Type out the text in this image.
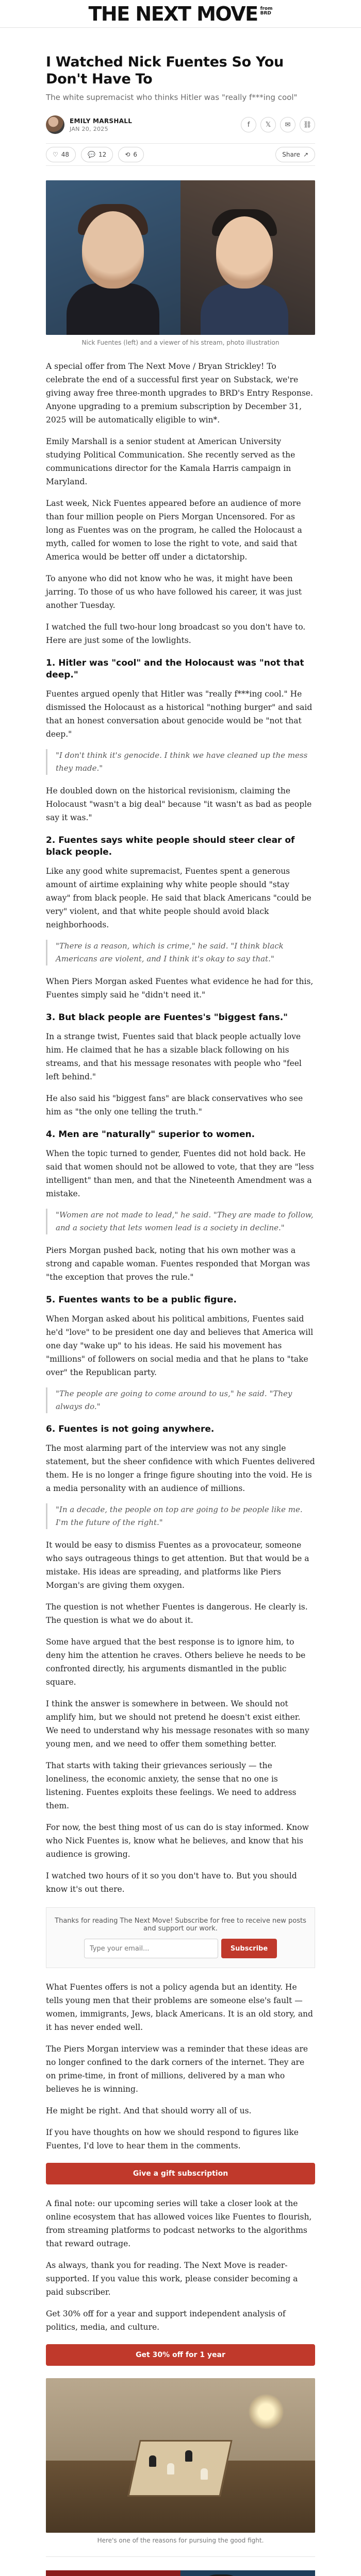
THE NEXT MOVE from
BRD
I Watched Nick Fuentes So You Don't Have To
The white supremacist who thinks Hitler was "really f***ing cool"
EMILY MARSHALL
JAN 20, 2025
f	𝕏	✉	⛓
♡ 48	💬 12	⟲ 6	Share ↗
Nick Fuentes (left) and a viewer of his stream, photo illustration

A special offer from The Next Move / Bryan Strickley! To celebrate the end of a successful first year on Substack, we're giving away free three-month upgrades to BRD's Entry Response. Anyone upgrading to a premium subscription by December 31, 2025 will be automatically eligible to win*.

Emily Marshall is a senior student at American University studying Political Communication. She recently served as the communications director for the Kamala Harris campaign in Maryland.

Last week, Nick Fuentes appeared before an audience of more than four million people on Piers Morgan Uncensored. For as long as Fuentes was on the program, he called the Holocaust a myth, called for women to lose the right to vote, and said that America would be better off under a dictatorship.

To anyone who did not know who he was, it might have been jarring. To those of us who have followed his career, it was just another Tuesday.

I watched the full two-hour long broadcast so you don't have to. Here are just some of the lowlights.

1. Hitler was "cool" and the Holocaust was "not that deep."

Fuentes argued openly that Hitler was "really f***ing cool." He dismissed the Holocaust as a historical "nothing burger" and said that an honest conversation about genocide would be "not that deep."

"I don't think it's genocide. I think we have cleaned up the mess they made."

He doubled down on the historical revisionism, claiming the Holocaust "wasn't a big deal" because "it wasn't as bad as people say it was."

2. Fuentes says white people should steer clear of black people.

Like any good white supremacist, Fuentes spent a generous amount of airtime explaining why white people should "stay away" from black people. He said that black Americans "could be very" violent, and that white people should avoid black neighborhoods.

"There is a reason, which is crime," he said. "I think black Americans are violent, and I think it's okay to say that."

When Piers Morgan asked Fuentes what evidence he had for this, Fuentes simply said he "didn't need it."

3. But black people are Fuentes's "biggest fans."

In a strange twist, Fuentes said that black people actually love him. He claimed that he has a sizable black following on his streams, and that his message resonates with people who "feel left behind."

He also said his "biggest fans" are black conservatives who see him as "the only one telling the truth."

4. Men are "naturally" superior to women.

When the topic turned to gender, Fuentes did not hold back. He said that women should not be allowed to vote, that they are "less intelligent" than men, and that the Nineteenth Amendment was a mistake.

"Women are not made to lead," he said. "They are made to follow, and a society that lets women lead is a society in decline."

Piers Morgan pushed back, noting that his own mother was a strong and capable woman. Fuentes responded that Morgan was "the exception that proves the rule."

5. Fuentes wants to be a public figure.

When Morgan asked about his political ambitions, Fuentes said he'd "love" to be president one day and believes that America will one day "wake up" to his ideas. He said his movement has "millions" of followers on social media and that he plans to "take over" the Republican party.

"The people are going to come around to us," he said. "They always do."
6. Fuentes is not going anywhere.

The most alarming part of the interview was not any single statement, but the sheer confidence with which Fuentes delivered them. He is no longer a fringe figure shouting into the void. He is a media personality with an audience of millions.

"In a decade, the people on top are going to be people like me. I'm the future of the right."

It would be easy to dismiss Fuentes as a provocateur, someone who says outrageous things to get attention. But that would be a mistake. His ideas are spreading, and platforms like Piers Morgan's are giving them oxygen.

The question is not whether Fuentes is dangerous. He clearly is. The question is what we do about it.

Some have argued that the best response is to ignore him, to deny him the attention he craves. Others believe he needs to be confronted directly, his arguments dismantled in the public square.

I think the answer is somewhere in between. We should not amplify him, but we should not pretend he doesn't exist either. We need to understand why his message resonates with so many young men, and we need to offer them something better.

That starts with taking their grievances seriously — the loneliness, the economic anxiety, the sense that no one is listening. Fuentes exploits these feelings. We need to address them.

For now, the best thing most of us can do is stay informed. Know who Nick Fuentes is, know what he believes, and know that his audience is growing.

I watched two hours of it so you don't have to. But you should know it's out there.

Thanks for reading The Next Move! Subscribe for free to receive new posts and support our work.
Type your email...
Subscribe

What Fuentes offers is not a policy agenda but an identity. He tells young men that their problems are someone else's fault — women, immigrants, Jews, black Americans. It is an old story, and it has never ended well.

The Piers Morgan interview was a reminder that these ideas are no longer confined to the dark corners of the internet. They are on prime-time, in front of millions, delivered by a man who believes he is winning.

He might be right. And that should worry all of us.

If you have thoughts on how we should respond to figures like Fuentes, I'd love to hear them in the comments.

Give a gift subscription

A final note: our upcoming series will take a closer look at the online ecosystem that has allowed voices like Fuentes to flourish, from streaming platforms to podcast networks to the algorithms that reward outrage.

As always, thank you for reading. The Next Move is reader-supported. If you value this work, please consider becoming a paid subscriber.

Get 30% off for a year and support independent analysis of politics, media, and culture.

Get 30% off for 1 year
Here's one of the reasons for pursuing the good fight.
